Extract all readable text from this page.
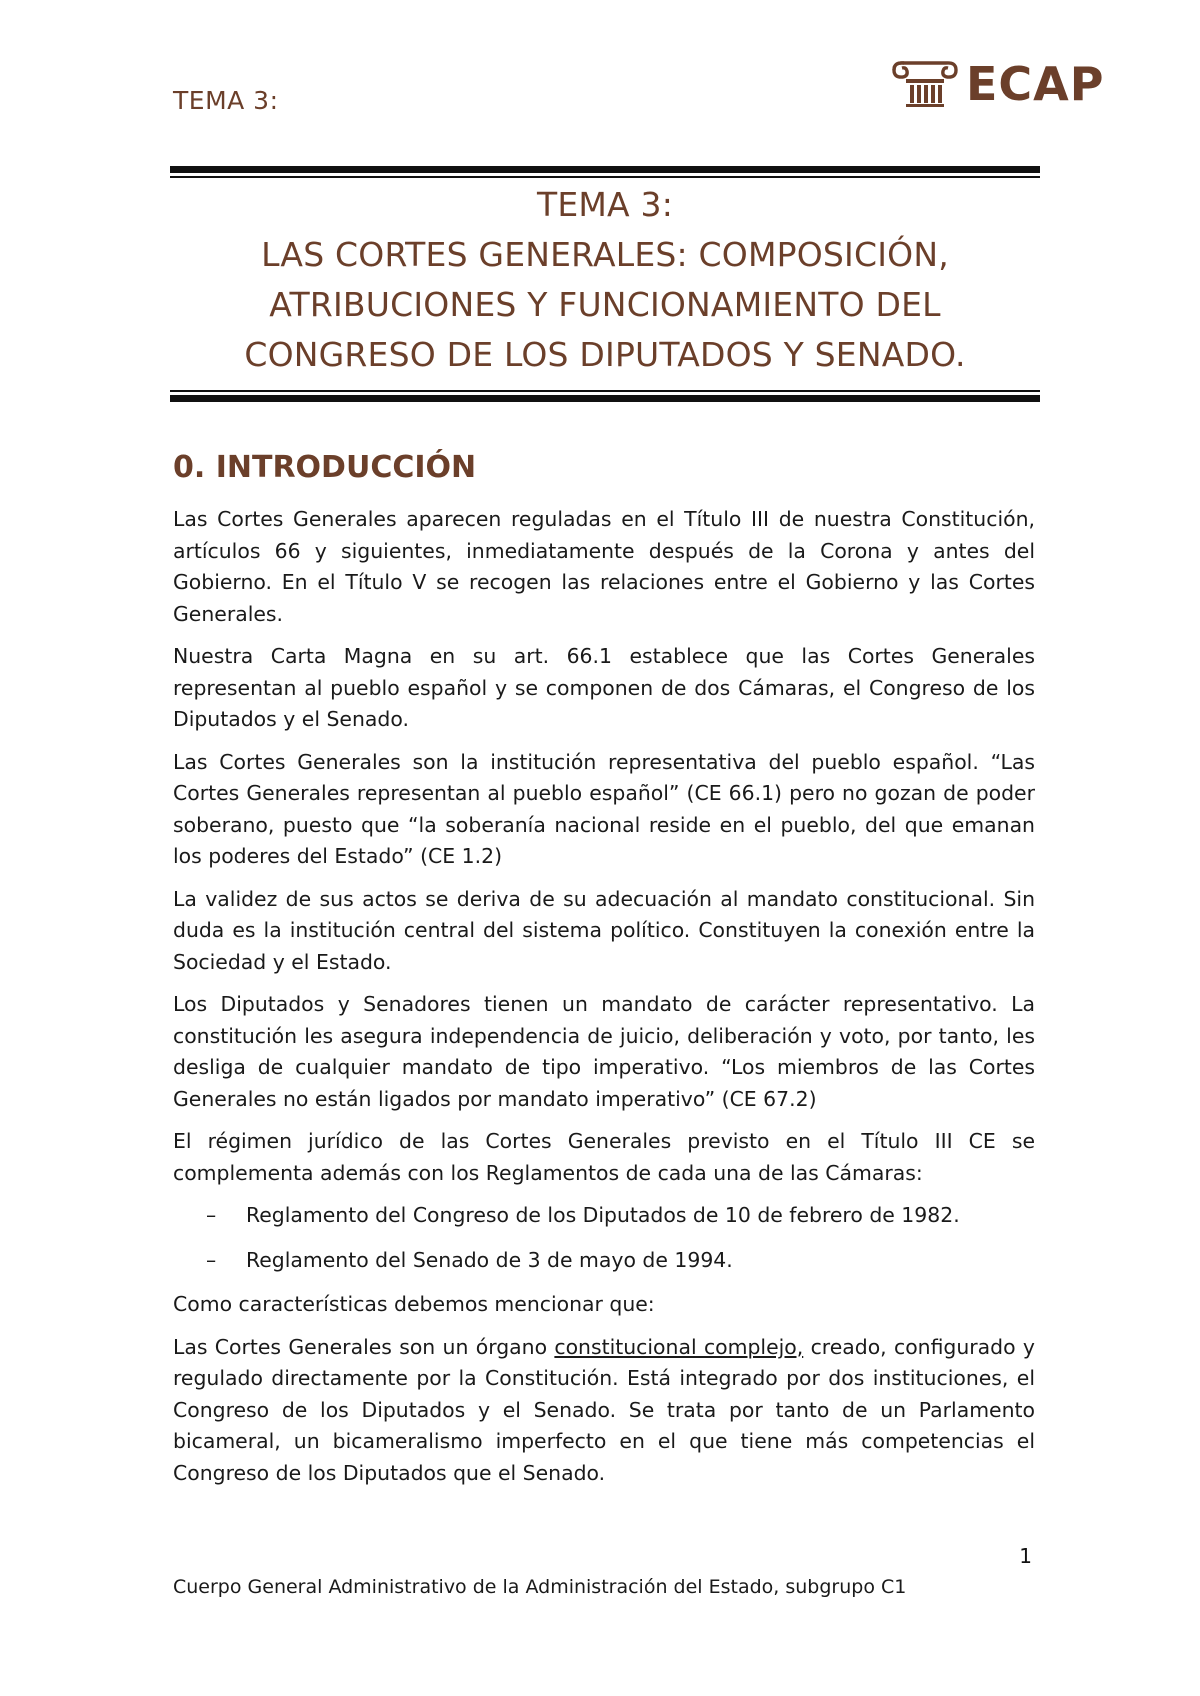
TEMA 3:	ECAP
TEMA 3:
LAS CORTES GENERALES: COMPOSICIÓN,
ATRIBUCIONES Y FUNCIONAMIENTO DEL
CONGRESO DE LOS DIPUTADOS Y SENADO.
0. INTRODUCCIÓN

Las Cortes Generales aparecen reguladas en el Título III de nuestra Constitución, artículos 66 y siguientes, inmediatamente después de la Corona y antes del Gobierno. En el Título V se recogen las relaciones entre el Gobierno y las Cortes Generales.

Nuestra Carta Magna en su art. 66.1 establece que las Cortes Generales representan al pueblo español y se componen de dos Cámaras, el Congreso de los Diputados y el Senado.

Las Cortes Generales son la institución representativa del pueblo español. “Las Cortes Generales representan al pueblo español” (CE 66.1) pero no gozan de poder soberano, puesto que “la soberanía nacional reside en el pueblo, del que emanan los poderes del Estado” (CE 1.2)

La validez de sus actos se deriva de su adecuación al mandato constitucional. Sin duda es la institución central del sistema político. Constituyen la conexión entre la Sociedad y el Estado.

Los Diputados y Senadores tienen un mandato de carácter representativo. La constitución les asegura independencia de juicio, deliberación y voto, por tanto, les desliga de cualquier mandato de tipo imperativo. “Los miembros de las Cortes Generales no están ligados por mandato imperativo” (CE 67.2)

El régimen jurídico de las Cortes Generales previsto en el Título III CE se complementa además con los Reglamentos de cada una de las Cámaras:

– Reglamento del Congreso de los Diputados de 10 de febrero de 1982.
– Reglamento del Senado de 3 de mayo de 1994.

Como características debemos mencionar que:

Las Cortes Generales son un órgano constitucional complejo, creado, configurado y regulado directamente por la Constitución. Está integrado por dos instituciones, el Congreso de los Diputados y el Senado. Se trata por tanto de un Parlamento bicameral, un bicameralismo imperfecto en el que tiene más competencias el Congreso de los Diputados que el Senado.

1
Cuerpo General Administrativo de la Administración del Estado, subgrupo C1
